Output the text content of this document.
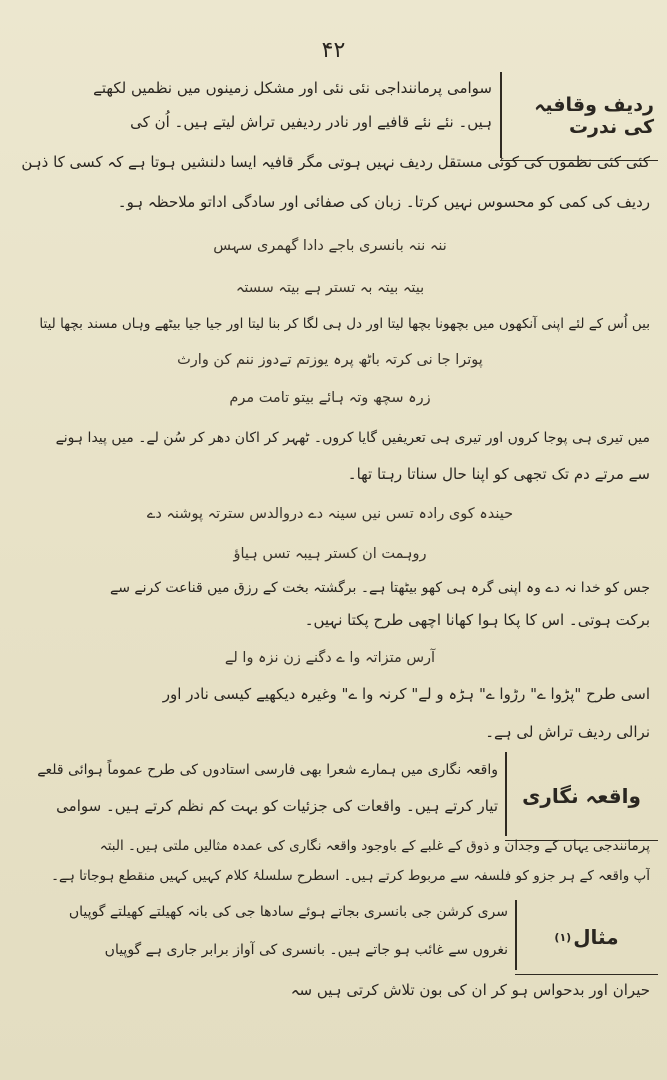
۴۲
ردیف وقافیہ کی ندرت
سوامی پرماننداجی نئی نئی اور مشکل زمینوں میں نظمیں لکھتے
ہیں۔ نئے نئے قافیے اور نادر ردیفیں تراش لیتے ہیں۔ اُن کی
کئی کئی نظموں کی کوئی مستقل ردیف نہیں ہوتی مگر قافیہ ایسا دلنشیں ہوتا ہے کہ کسی کا ذہن
ردیف کی کمی کو محسوس نہیں کرتا۔ زبان کی صفائی اور سادگی اداتو ملاحظہ ہو۔
ننہ ننہ بانسری باجے دادا گھمری سہس
بیتہ بیتہ بہ تستر ہے بیتہ سستہ
بیں اُس کے لئے اپنی آنکھوں میں بچھونا بچھا لیتا اور دل ہی لگا کر بنا لیتا اور جیا جیا بیٹھے وہاں مسند بچھا لیتا
پوترا جا نی کرتہ باٹھ پرہ یوزتم تےدوز ننم کن وارث
زرہ سچھ وتہ ہائے بیتو تامت مرم
میں تیری ہی پوجا کروں اور تیری ہی تعریفیں گایا کروں۔ ٹھہر کر اکان دھر کر سُن لے۔ میں پیدا ہونے
سے مرتے دم تک تجھی کو اپنا حال سناتا رہتا تھا۔
حیندہ کوی رادہ تسں نیں سینہ دے دروالدس سترتہ پوشنہ دے
روہمت ان کستر ہیبہ تسں ہیاؤ
جس کو خدا نہ دے وہ اپنی گرہ ہی کھو بیٹھتا ہے۔ برگشتہ بخت کے رزق میں قناعت کرنے سے
برکت ہوتی۔ اس کا پکا ہوا کھانا اچھی طرح پکتا نہیں۔
آرس متزاتہ وا ے دگنے زن نزہ وا لے
اسی طرح "پڑوا ے" رڑوا ے" ہڑہ و لے" کرنہ وا ے" وغیرہ دیکھیے کیسی نادر اور
نرالی ردیف تراش لی ہے۔
واقعہ نگاری
واقعہ نگاری میں ہمارے شعرا بھی فارسی استادوں کی طرح عموماً ہوائی قلعے
تیار کرتے ہیں۔ واقعات کی جزئیات کو بہت کم نظم کرتے ہیں۔ سوامی
پرمانندجی یہاں کے وجدان و ذوق کے غلبے کے باوجود واقعہ نگاری کی عمدہ مثالیں ملتی ہیں۔ البتہ
آپ واقعہ کے ہر جزو کو فلسفہ سے مربوط کرتے ہیں۔ اسطرح سلسلۂ کلام کہیں کہیں منقطع ہوجاتا ہے۔
مثال
(۱)
سری کرشن جی بانسری بجاتے ہوئے سادھا جی کی بانہ کھیلتے کھیلتے گوپیاں
نغروں سے غائب ہو جاتے ہیں۔ بانسری کی آواز برابر جاری ہے گوپیاں
حیران اور بدحواس ہو کر ان کی بون تلاش کرتی ہیں سہ
